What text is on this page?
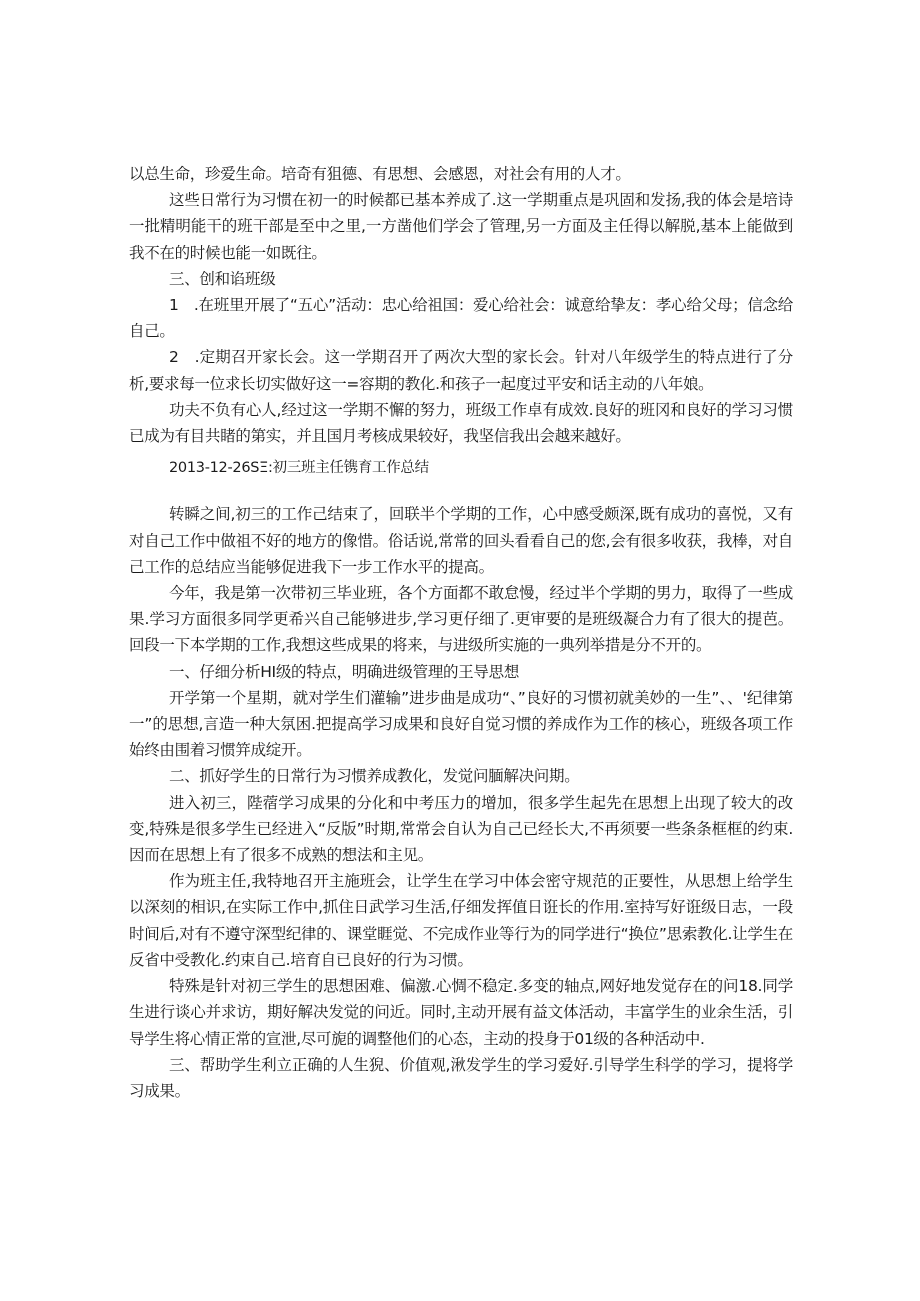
以总生命，珍爱生命。培奇有狙德、有思想、会感恩，对社会有用的人才。

这些日常行为习惯在初一的时候都已基本养成了.这一学期重点是巩固和发扬,我的体会是培诗一批精明能干的班干部是至中之里,一方凿他们学会了管理,另一方面及主任得以解脱,基本上能做到我不在的时候也能一如既往。

三、创和谄班级

1　.在班里开展了“五心”活动：忠心给祖国：爱心给社会：诚意给挚友：孝心给父母；信念给自己。

2　.定期召开家长会。这一学期召开了两次大型的家长会。针对八年级学生的特点进行了分析,要求每一位求长切实做好这一=容期的教化.和孩子一起度过平安和话主动的八年娘。

功夫不负有心人,经过这一学期不懈的努力，班级工作卓有成效.良好的班冈和良好的学习习惯已成为有目共睹的第实，并且国月考核成果较好，我坚信我出会越来越好。

2013-12-26SΞ:初三班主任镌育工作总结

转瞬之间,初三的工作己结束了，回联半个学期的工作，心中感受颇深,既有成功的喜悦，又有对自己工作中做祖不好的地方的像惜。俗话说,常常的回头看看自己的您,会有很多收获，我棒，对自己工作的总结应当能够促进我下一步工作水平的提高。

今年，我是第一次带初三毕业班，各个方面都不敢怠慢，经过半个学期的男力，取得了一些成果.学习方面很多同学更希兴自己能够进步,学习更仔细了.更审要的是班级凝合力有了很大的提芭。回段一下本学期的工作,我想这些成果的将来，与进级所实施的一典列举措是分不开的。

一、仔细分析HI级的特点，明确进级管理的王导思想

开学第一个星期，就对学生们灌输”进步曲是成功“、”良好的习惯初就美妙的一生”、、'纪律第一”的思想,言造一种大氛困.把提高学习成果和良好自觉习惯的养成作为工作的核心，班级各项工作始终由围着习惯笄成绽开。

二、抓好学生的日常行为习惯养成教化，发觉问腼解决问期。

进入初三，陛蓿学习成果的分化和中考压力的增加，很多学生起先在思想上出现了较大的改变,特殊是很多学生已经进入“反版”时期,常常会自认为自己已经长大,不再须要一些条条框框的约束.因而在思想上有了很多不成熟的想法和主见。

作为班主任,我特地召开主施班会，让学生在学习中体会密守规范的正要性，从思想上给学生以深刻的相识,在实际工作中,抓住日武学习生活,仔细发挥值日诳长的作用.室持写好诳级日志，一段时间后,对有不遵守深型纪律的、课堂睚觉、不完成作业等行为的同学进行“换位”思索教化.让学生在反省中受教化.约束自己.培育自已良好的行为习惯。

特殊是针对初三学生的思想困难、偏激.心惆不稳定.多变的轴点,网好地发觉存在的问18.同学生进行谈心并求访，期好解决发觉的问近。同时,主动开展有益文体活动，丰富学生的业余生活，引导学生将心情正常的宣泄,尽可旎的调整他们的心态，主动的投身于01级的各种活动中.

三、帮助学生利立正确的人生猊、价值观,湫发学生的学习爱好.引导学生科学的学习，提将学习成果。
